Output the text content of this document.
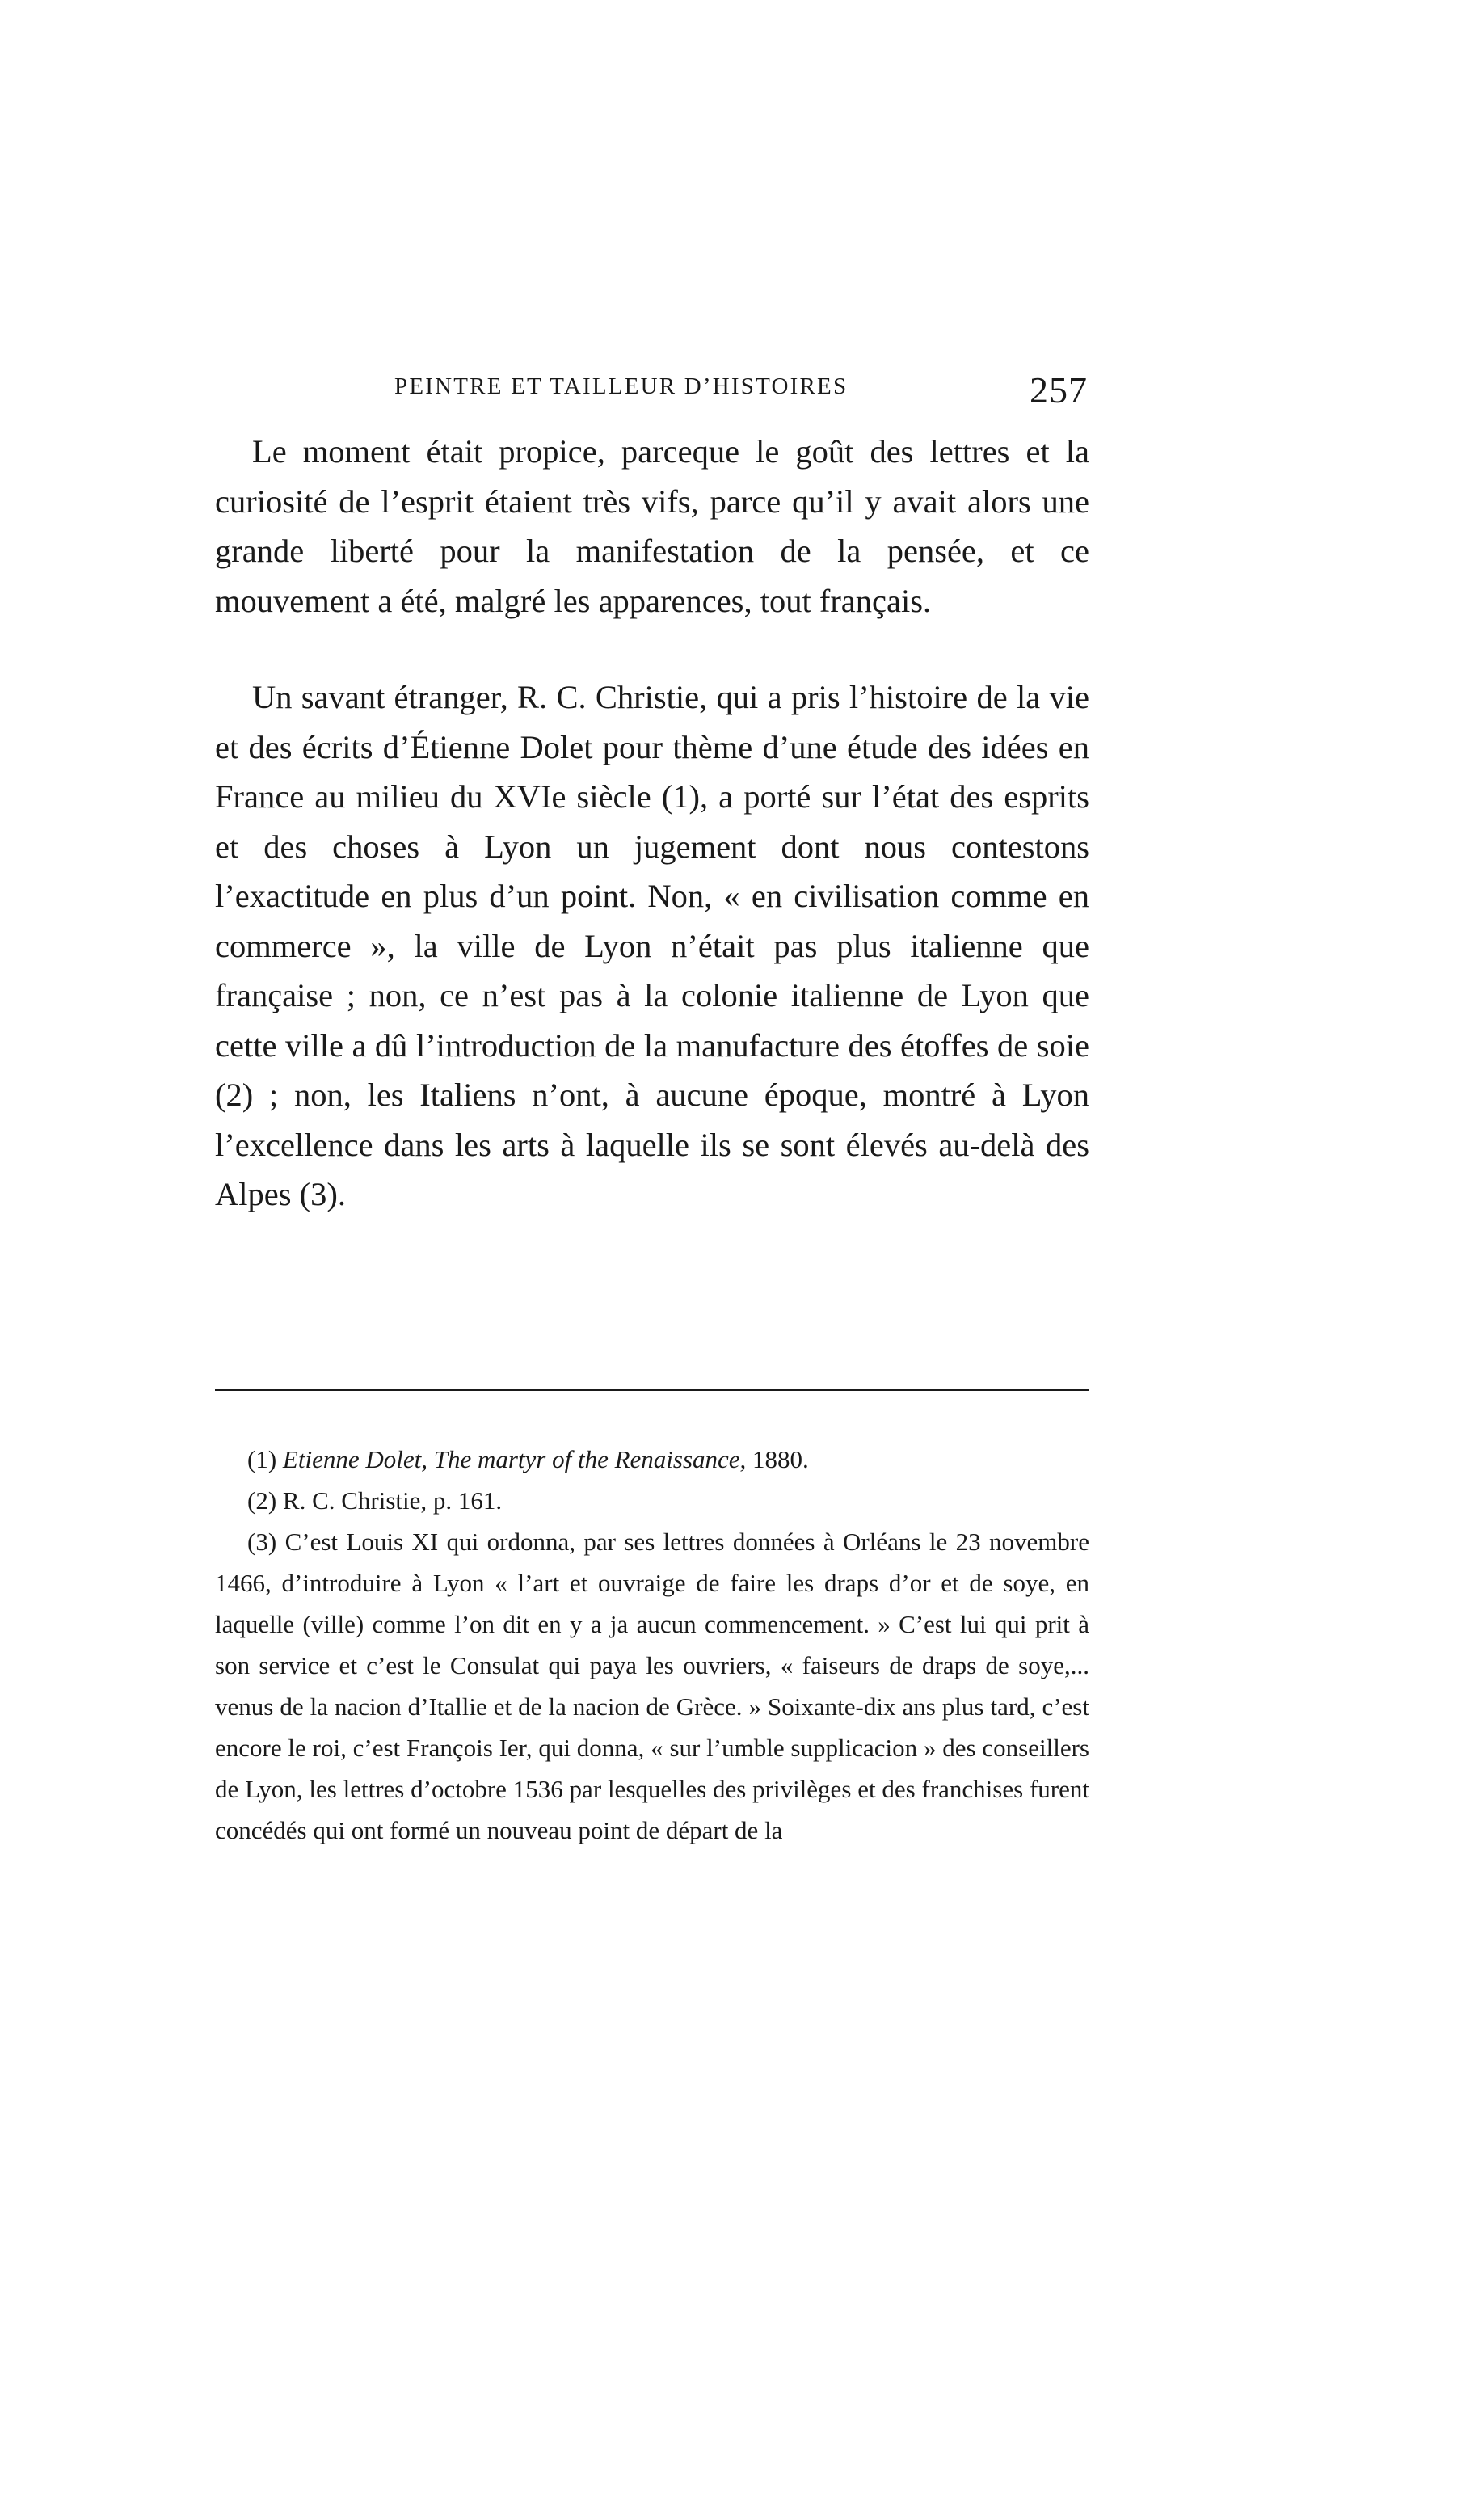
PEINTRE ET TAILLEUR D’HISTOIRES	257

Le moment était propice, parceque le goût des lettres et la curiosité de l’esprit étaient très vifs, parce qu’il y avait alors une grande liberté pour la manifestation de la pensée, et ce mouvement a été, malgré les apparences, tout français.

Un savant étranger, R. C. Christie, qui a pris l’histoire de la vie et des écrits d’Étienne Dolet pour thème d’une étude des idées en France au milieu du XVIe siècle (1), a porté sur l’état des esprits et des choses à Lyon un jugement dont nous contestons l’exactitude en plus d’un point. Non, « en civilisation comme en commerce », la ville de Lyon n’était pas plus italienne que française ; non, ce n’est pas à la colonie italienne de Lyon que cette ville a dû l’introduction de la manufacture des étoffes de soie (2) ; non, les Italiens n’ont, à aucune époque, montré à Lyon l’excellence dans les arts à laquelle ils se sont élevés au-delà des Alpes (3).

(1) Etienne Dolet, The martyr of the Renaissance, 1880.

(2) R. C. Christie, p. 161.

(3) C’est Louis XI qui ordonna, par ses lettres données à Orléans le 23 novembre 1466, d’introduire à Lyon « l’art et ouvraige de faire les draps d’or et de soye, en laquelle (ville) comme l’on dit en y a ja aucun commencement. » C’est lui qui prit à son service et c’est le Consulat qui paya les ouvriers, « faiseurs de draps de soye,... venus de la nacion d’Itallie et de la nacion de Grèce. » Soixante-dix ans plus tard, c’est encore le roi, c’est François Ier, qui donna, « sur l’umble supplicacion » des conseillers de Lyon, les lettres d’octobre 1536 par lesquelles des privilèges et des franchises furent concédés qui ont formé un nouveau point de départ de la
